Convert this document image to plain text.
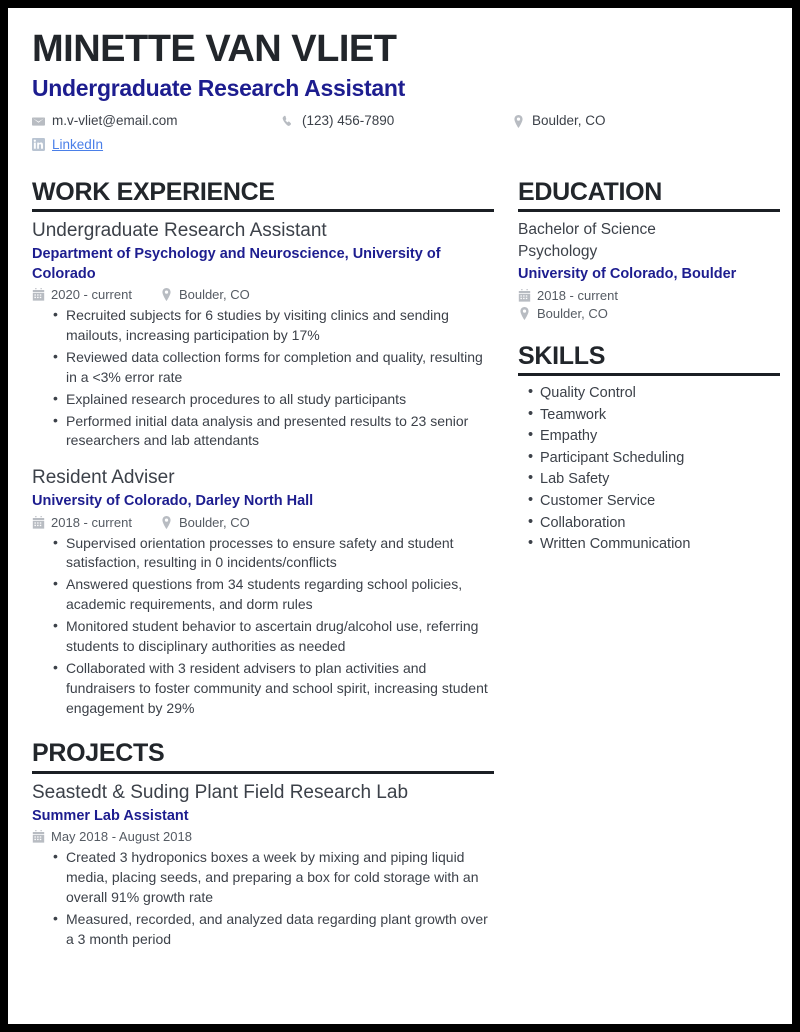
MINETTE VAN VLIET
Undergraduate Research Assistant
m.v-vliet@email.com	(123) 456-7890	Boulder, CO
LinkedIn
WORK EXPERIENCE
Undergraduate Research Assistant
Department of Psychology and Neuroscience, University of Colorado
2020 - current	Boulder, CO
• Recruited subjects for 6 studies by visiting clinics and sending mailouts, increasing participation by 17%
• Reviewed data collection forms for completion and quality, resulting in a <3% error rate
• Explained research procedures to all study participants
• Performed initial data analysis and presented results to 23 senior researchers and lab attendants
Resident Adviser
University of Colorado, Darley North Hall
2018 - current	Boulder, CO
• Supervised orientation processes to ensure safety and student satisfaction, resulting in 0 incidents/conflicts
• Answered questions from 34 students regarding school policies, academic requirements, and dorm rules
• Monitored student behavior to ascertain drug/alcohol use, referring students to disciplinary authorities as needed
• Collaborated with 3 resident advisers to plan activities and fundraisers to foster community and school spirit, increasing student engagement by 29%
PROJECTS
Seastedt & Suding Plant Field Research Lab
Summer Lab Assistant
May 2018 - August 2018
• Created 3 hydroponics boxes a week by mixing and piping liquid media, placing seeds, and preparing a box for cold storage with an overall 91% growth rate
• Measured, recorded, and analyzed data regarding plant growth over a 3 month period
EDUCATION
Bachelor of Science
Psychology
University of Colorado, Boulder
2018 - current
Boulder, CO
SKILLS
• Quality Control
• Teamwork
• Empathy
• Participant Scheduling
• Lab Safety
• Customer Service
• Collaboration
• Written Communication
